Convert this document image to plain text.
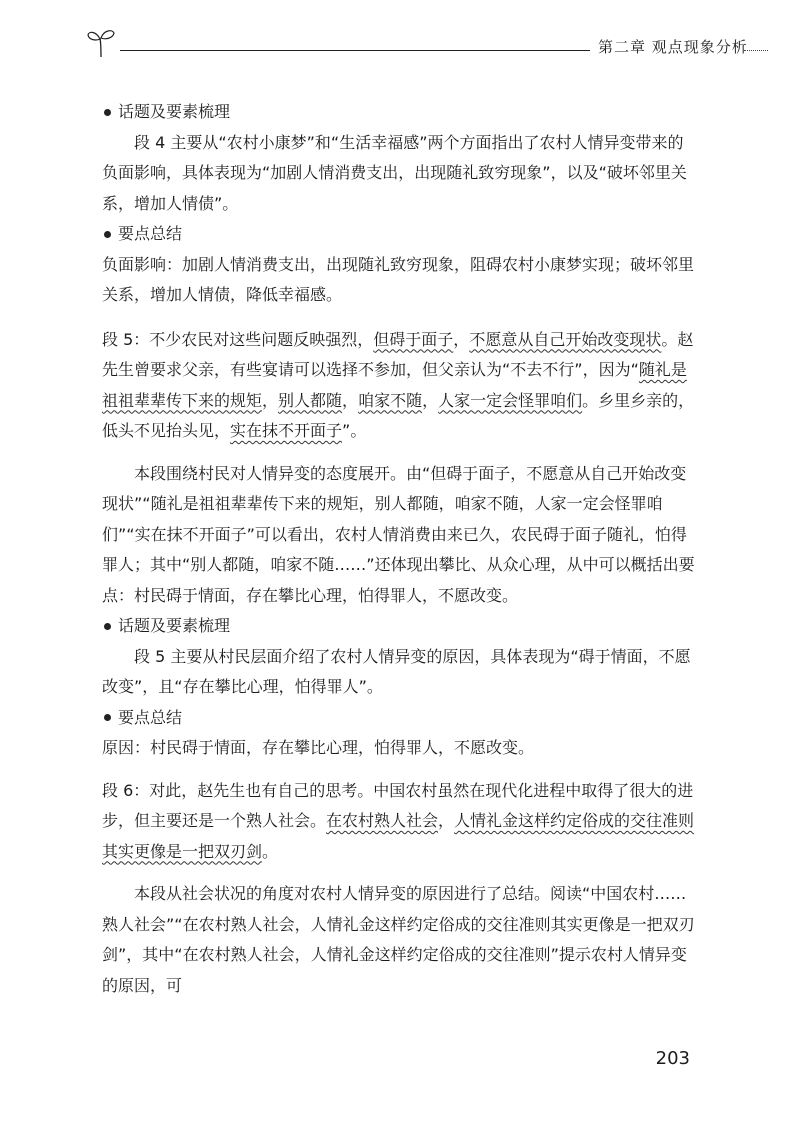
第二章 观点现象分析

话题及要素梳理

段 4 主要从“农村小康梦”和“生活幸福感”两个方面指出了农村人情异变带来的负面影响，具体表现为“加剧人情消费支出，出现随礼致穷现象”，以及“破坏邻里关系，增加人情债”。

要点总结

负面影响：加剧人情消费支出，出现随礼致穷现象，阻碍农村小康梦实现；破坏邻里关系，增加人情债，降低幸福感。

段 5：不少农民对这些问题反映强烈，但碍于面子，不愿意从自己开始改变现状。赵先生曾要求父亲，有些宴请可以选择不参加，但父亲认为“不去不行”，因为“随礼是祖祖辈辈传下来的规矩，别人都随，咱家不随，人家一定会怪罪咱们。乡里乡亲的，低头不见抬头见，实在抹不开面子”。

本段围绕村民对人情异变的态度展开。由“但碍于面子，不愿意从自己开始改变现状”“随礼是祖祖辈辈传下来的规矩，别人都随，咱家不随，人家一定会怪罪咱们”“实在抹不开面子”可以看出，农村人情消费由来已久，农民碍于面子随礼，怕得罪人；其中“别人都随，咱家不随……”还体现出攀比、从众心理，从中可以概括出要点：村民碍于情面，存在攀比心理，怕得罪人，不愿改变。

话题及要素梳理

段 5 主要从村民层面介绍了农村人情异变的原因，具体表现为“碍于情面，不愿改变”，且“存在攀比心理，怕得罪人”。

要点总结

原因：村民碍于情面，存在攀比心理，怕得罪人，不愿改变。

段 6：对此，赵先生也有自己的思考。中国农村虽然在现代化进程中取得了很大的进步，但主要还是一个熟人社会。在农村熟人社会，人情礼金这样约定俗成的交往准则其实更像是一把双刃剑。

本段从社会状况的角度对农村人情异变的原因进行了总结。阅读“中国农村……熟人社会”“在农村熟人社会，人情礼金这样约定俗成的交往准则其实更像是一把双刃剑”，其中“在农村熟人社会，人情礼金这样约定俗成的交往准则”提示农村人情异变的原因，可

203
